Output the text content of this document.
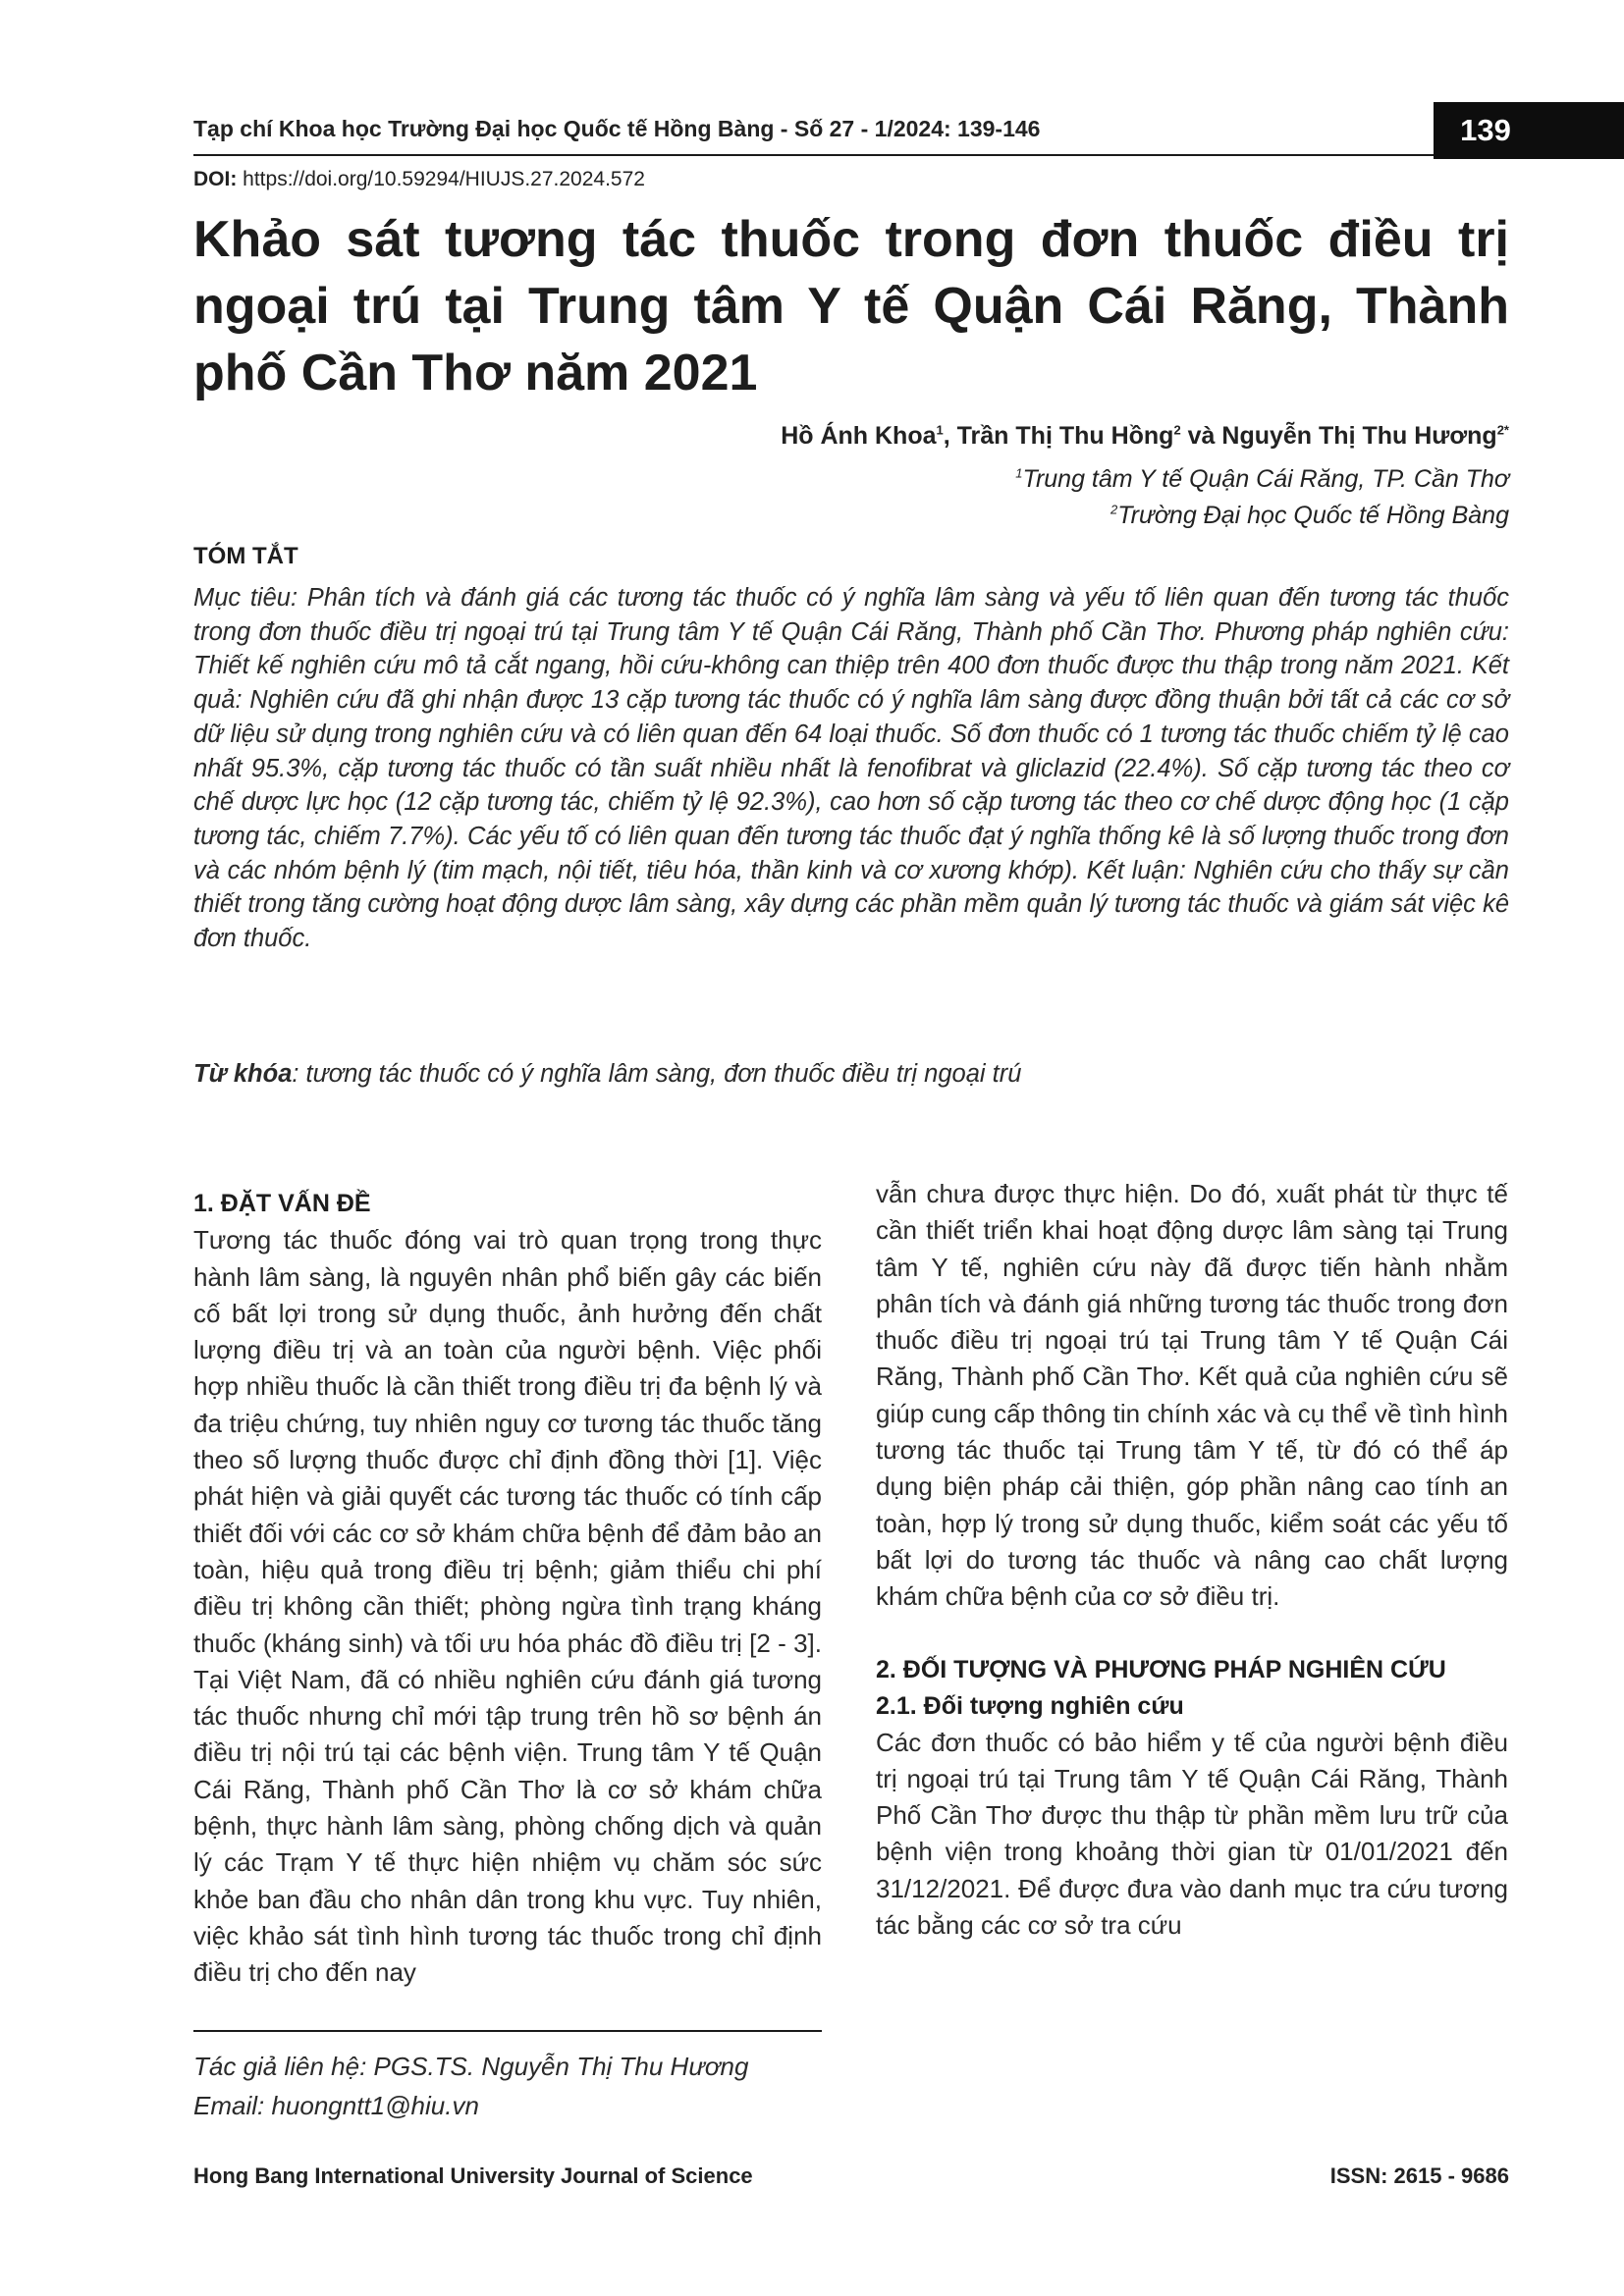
Tạp chí Khoa học Trường Đại học Quốc tế Hồng Bàng - Số 27 - 1/2024: 139-146	139
DOI: https://doi.org/10.59294/HIUJS.27.2024.572
Khảo sát tương tác thuốc trong đơn thuốc điều trị ngoại trú tại Trung tâm Y tế Quận Cái Răng, Thành phố Cần Thơ năm 2021
Hồ Ánh Khoa$^1$, Trần Thị Thu Hồng$^2$ và Nguyễn Thị Thu Hương$^{2*}$
$^1$Trung tâm Y tế Quận Cái Răng, TP. Cần Thơ
$^2$Trường Đại học Quốc tế Hồng Bàng
TÓM TẮT
Mục tiêu: Phân tích và đánh giá các tương tác thuốc có ý nghĩa lâm sàng và yếu tố liên quan đến tương tác thuốc trong đơn thuốc điều trị ngoại trú tại Trung tâm Y tế Quận Cái Răng, Thành phố Cần Thơ. Phương pháp nghiên cứu: Thiết kế nghiên cứu mô tả cắt ngang, hồi cứu-không can thiệp trên 400 đơn thuốc được thu thập trong năm 2021. Kết quả: Nghiên cứu đã ghi nhận được 13 cặp tương tác thuốc có ý nghĩa lâm sàng được đồng thuận bởi tất cả các cơ sở dữ liệu sử dụng trong nghiên cứu và có liên quan đến 64 loại thuốc. Số đơn thuốc có 1 tương tác thuốc chiếm tỷ lệ cao nhất 95.3%, cặp tương tác thuốc có tần suất nhiều nhất là fenofibrat và gliclazid (22.4%). Số cặp tương tác theo cơ chế dược lực học (12 cặp tương tác, chiếm tỷ lệ 92.3%), cao hơn số cặp tương tác theo cơ chế dược động học (1 cặp tương tác, chiếm 7.7%). Các yếu tố có liên quan đến tương tác thuốc đạt ý nghĩa thống kê là số lượng thuốc trong đơn và các nhóm bệnh lý (tim mạch, nội tiết, tiêu hóa, thần kinh và cơ xương khớp). Kết luận: Nghiên cứu cho thấy sự cần thiết trong tăng cường hoạt động dược lâm sàng, xây dựng các phần mềm quản lý tương tác thuốc và giám sát việc kê đơn thuốc.
Từ khóa: tương tác thuốc có ý nghĩa lâm sàng, đơn thuốc điều trị ngoại trú
1. ĐẶT VẤN ĐỀ

Tương tác thuốc đóng vai trò quan trọng trong thực hành lâm sàng, là nguyên nhân phổ biến gây các biến cố bất lợi trong sử dụng thuốc, ảnh hưởng đến chất lượng điều trị và an toàn của người bệnh. Việc phối hợp nhiều thuốc là cần thiết trong điều trị đa bệnh lý và đa triệu chứng, tuy nhiên nguy cơ tương tác thuốc tăng theo số lượng thuốc được chỉ định đồng thời [1]. Việc phát hiện và giải quyết các tương tác thuốc có tính cấp thiết đối với các cơ sở khám chữa bệnh để đảm bảo an toàn, hiệu quả trong điều trị bệnh; giảm thiểu chi phí điều trị không cần thiết; phòng ngừa tình trạng kháng thuốc (kháng sinh) và tối ưu hóa phác đồ điều trị [2 - 3]. Tại Việt Nam, đã có nhiều nghiên cứu đánh giá tương tác thuốc nhưng chỉ mới tập trung trên hồ sơ bệnh án điều trị nội trú tại các bệnh viện. Trung tâm Y tế Quận Cái Răng, Thành phố Cần Thơ là cơ sở khám chữa bệnh, thực hành lâm sàng, phòng chống dịch và quản lý các Trạm Y tế thực hiện nhiệm vụ chăm sóc sức khỏe ban đầu cho nhân dân trong khu vực. Tuy nhiên, việc khảo sát tình hình tương tác thuốc trong chỉ định điều trị cho đến nay

vẫn chưa được thực hiện. Do đó, xuất phát từ thực tế cần thiết triển khai hoạt động dược lâm sàng tại Trung tâm Y tế, nghiên cứu này đã được tiến hành nhằm phân tích và đánh giá những tương tác thuốc trong đơn thuốc điều trị ngoại trú tại Trung tâm Y tế Quận Cái Răng, Thành phố Cần Thơ. Kết quả của nghiên cứu sẽ giúp cung cấp thông tin chính xác và cụ thể về tình hình tương tác thuốc tại Trung tâm Y tế, từ đó có thể áp dụng biện pháp cải thiện, góp phần nâng cao tính an toàn, hợp lý trong sử dụng thuốc, kiểm soát các yếu tố bất lợi do tương tác thuốc và nâng cao chất lượng khám chữa bệnh của cơ sở điều trị.

2. ĐỐI TƯỢNG VÀ PHƯƠNG PHÁP NGHIÊN CỨU
2.1. Đối tượng nghiên cứu

Các đơn thuốc có bảo hiểm y tế của người bệnh điều trị ngoại trú tại Trung tâm Y tế Quận Cái Răng, Thành Phố Cần Thơ được thu thập từ phần mềm lưu trữ của bệnh viện trong khoảng thời gian từ 01/01/2021 đến 31/12/2021. Để được đưa vào danh mục tra cứu tương tác bằng các cơ sở tra cứu

Tác giả liên hệ: PGS.TS. Nguyễn Thị Thu Hương
Email: huongntt1@hiu.vn
Hong Bang International University Journal of Science	ISSN: 2615 - 9686
